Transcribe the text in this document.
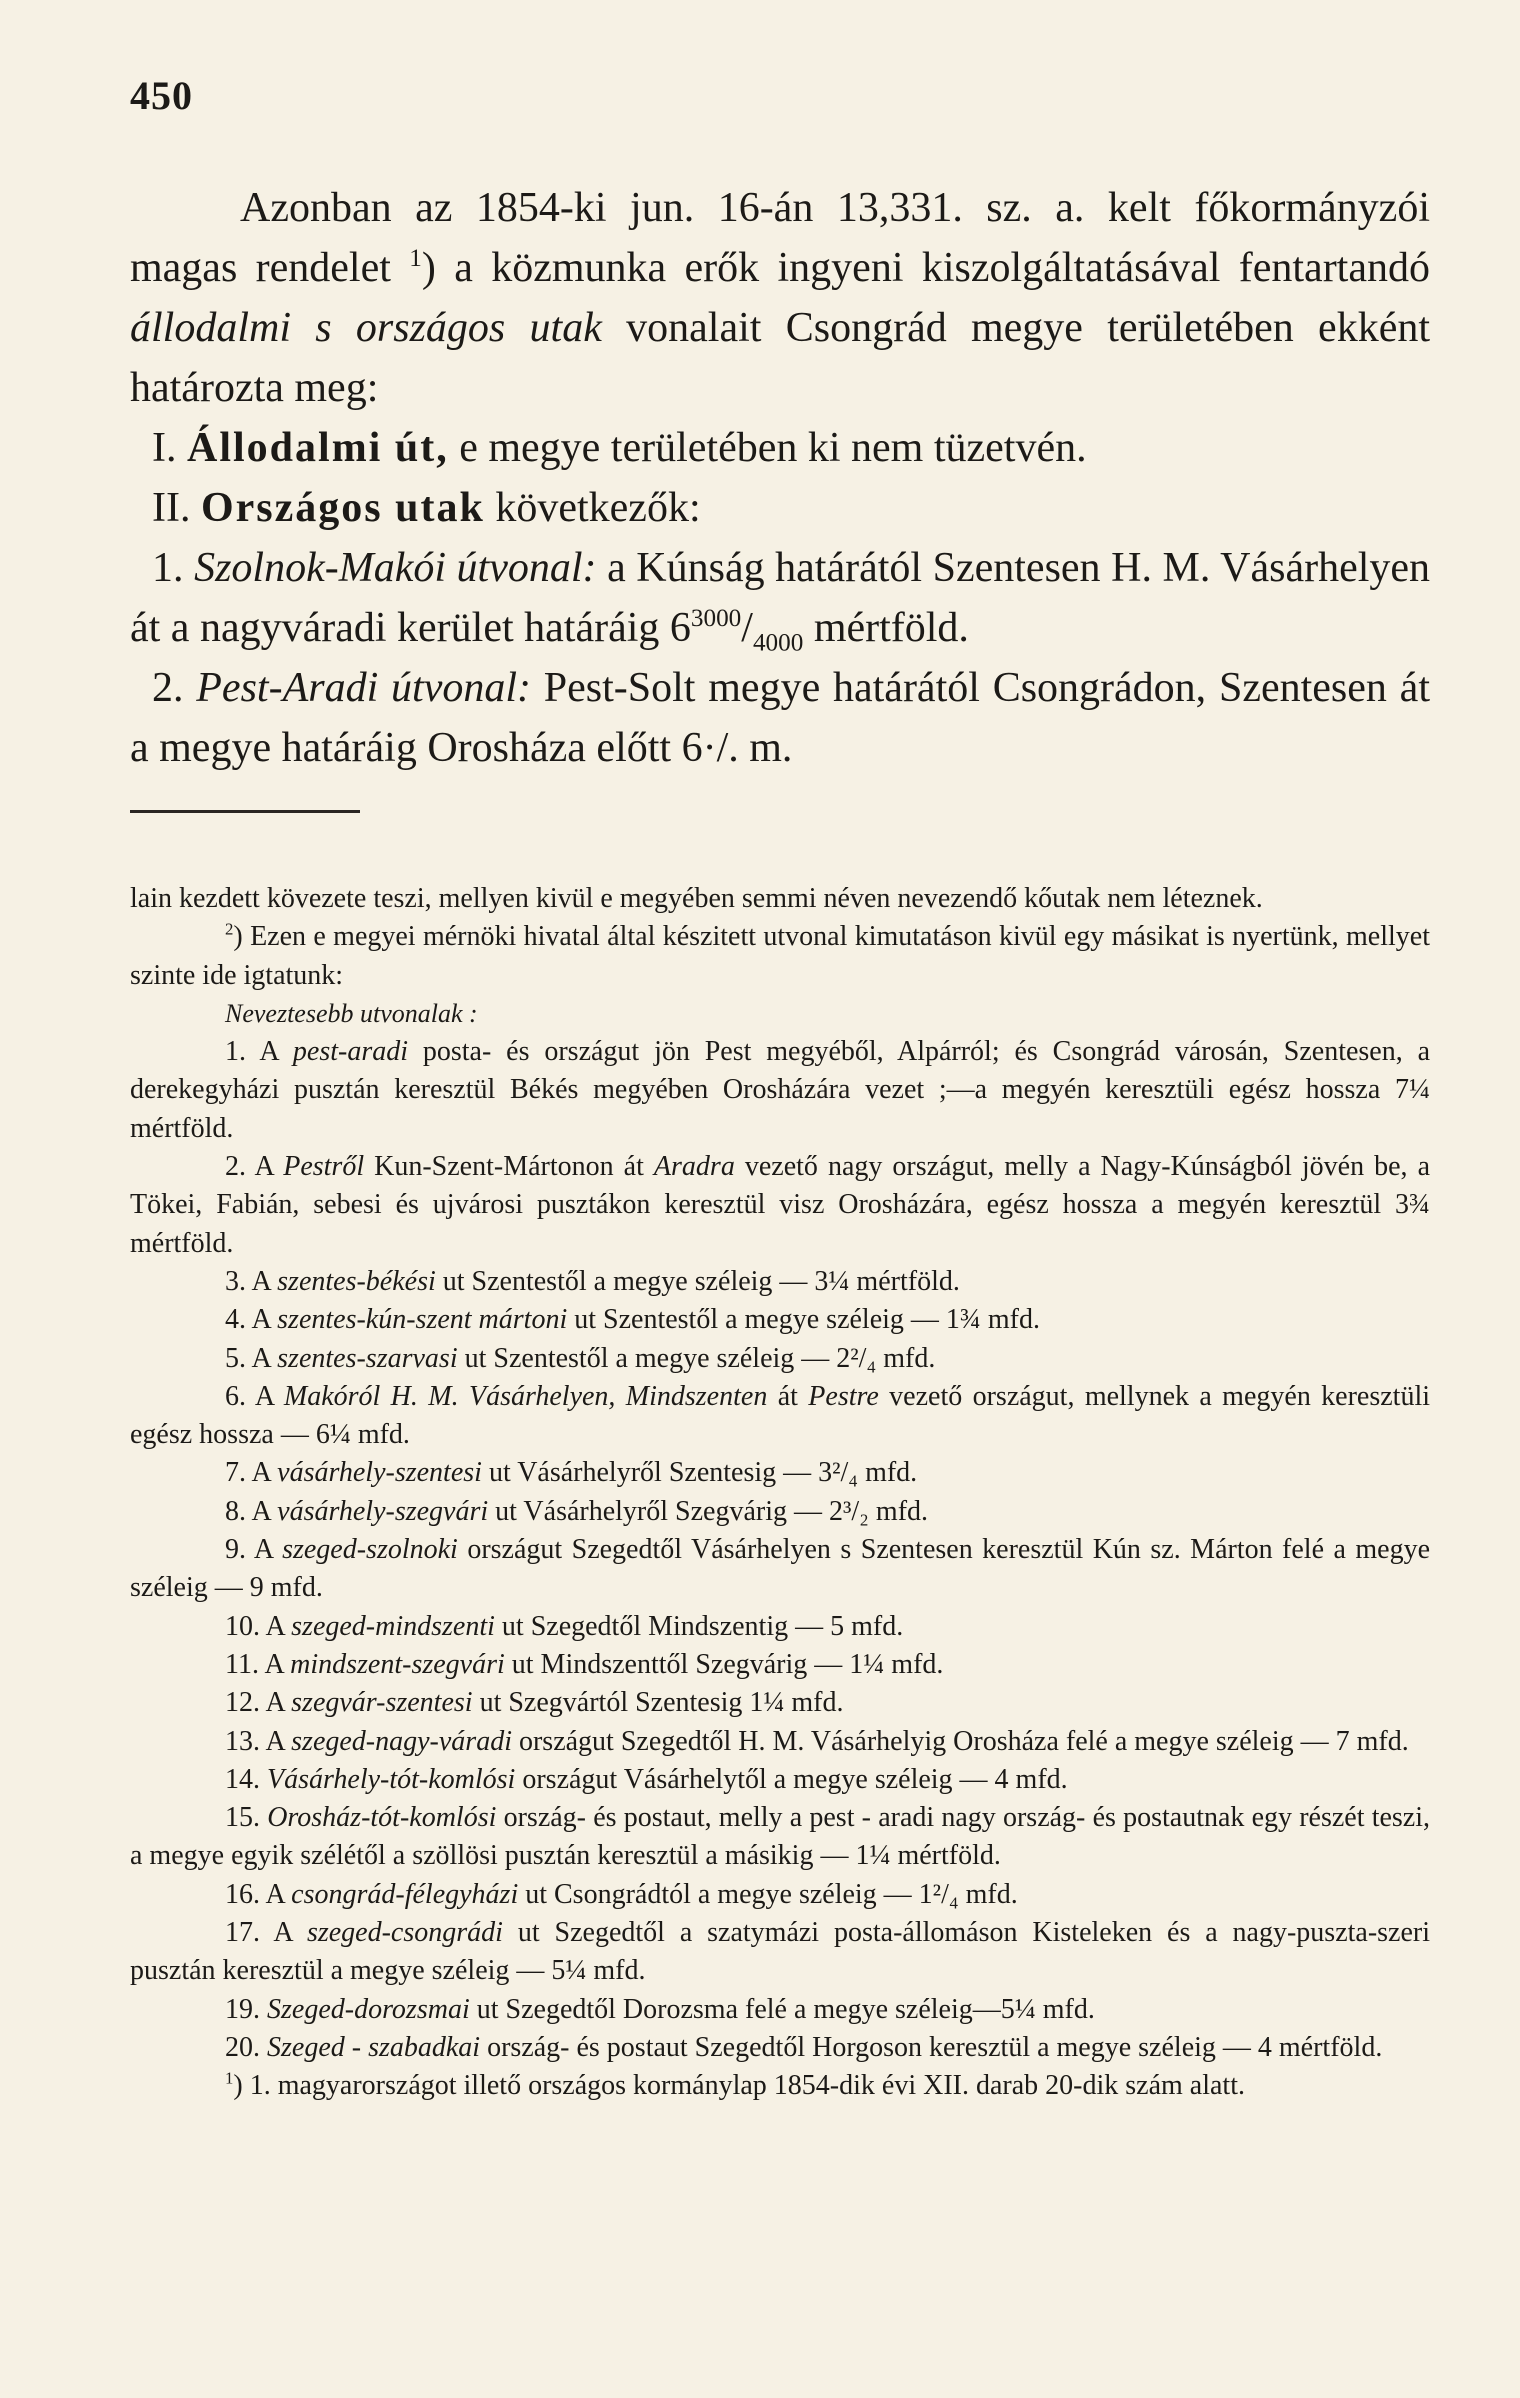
450

Azonban az 1854-ki jun. 16-án 13,331. sz. a. kelt főkormányzói magas rendelet $^1$) a közmunka erők ingyeni kiszolgáltatásával fentartandó állodalmi s országos utak vonalait Csongrád megye területében ekként határozta meg:

I. Állodalmi út, e megye területében ki nem tüzetvén.

II. Országos utak következők:

1. Szolnok-Makói útvonal: a Kúnság határától Szentesen H. M. Vásárhelyen át a nagyváradi kerület határáig $6^{3000}/_{4000}$ mértföld.

2. Pest-Aradi útvonal: Pest-Solt megye határától Csongrádon, Szentesen át a megye határáig Orosháza előtt 6·/. m.

lain kezdett kövezete teszi, mellyen kivül e megyében semmi néven nevezendő kőutak nem léteznek.

$^2$) Ezen e megyei mérnöki hivatal által készitett utvonal kimutatáson kivül egy másikat is nyertünk, mellyet szinte ide igtatunk:

Neveztesebb utvonalak :

1. A pest-aradi posta- és országut jön Pest megyéből, Alpárról; és Csongrád városán, Szentesen, a derekegyházi pusztán keresztül Békés megyében Orosházára vezet ;—a megyén keresztüli egész hossza 7¼ mértföld.

2. A Pestről Kun-Szent-Mártonon át Aradra vezető nagy országut, melly a Nagy-Kúnságból jövén be, a Tökei, Fabián, sebesi és ujvárosi pusztákon keresztül visz Orosházára, egész hossza a megyén keresztül 3¾ mértföld.

3. A szentes-békési ut Szentestől a megye széleig — 3¼ mértföld.

4. A szentes-kún-szent mártoni ut Szentestől a megye széleig — 1¾ mfd.

5. A szentes-szarvasi ut Szentestől a megye széleig — 2²/₄ mfd.

6. A Makóról H. M. Vásárhelyen, Mindszenten át Pestre vezető országut, mellynek a megyén keresztüli egész hossza — 6¼ mfd.

7. A vásárhely-szentesi ut Vásárhelyről Szentesig — 3²/₄ mfd.

8. A vásárhely-szegvári ut Vásárhelyről Szegvárig — 2³/₂ mfd.

9. A szeged-szolnoki országut Szegedtől Vásárhelyen s Szentesen keresztül Kún sz. Márton felé a megye széleig — 9 mfd.

10. A szeged-mindszenti ut Szegedtől Mindszentig — 5 mfd.

11. A mindszent-szegvári ut Mindszenttől Szegvárig — 1¼ mfd.

12. A szegvár-szentesi ut Szegvártól Szentesig 1¼ mfd.

13. A szeged-nagy-váradi országut Szegedtől H. M. Vásárhelyig Orosháza felé a megye széleig — 7 mfd.

14. Vásárhely-tót-komlósi országut Vásárhelytől a megye széleig — 4 mfd.

15. Orosház-tót-komlósi ország- és postaut, melly a pest - aradi nagy ország- és postautnak egy részét teszi, a megye egyik szélétől a szöllösi pusztán keresztül a másikig — 1¼ mértföld.

16. A csongrád-félegyházi ut Csongrádtól a megye széleig — 1²/₄ mfd.

17. A szeged-csongrádi ut Szegedtől a szatymázi posta-állomáson Kisteleken és a nagy-puszta-szeri pusztán keresztül a megye széleig — 5¼ mfd.

19. Szeged-dorozsmai ut Szegedtől Dorozsma felé a megye széleig—5¼ mfd.

20. Szeged - szabadkai ország- és postaut Szegedtől Horgoson keresztül a megye széleig — 4 mértföld.

$^1$) 1. magyarországot illető országos kormánylap 1854-dik évi XII. darab 20-dik szám alatt.
